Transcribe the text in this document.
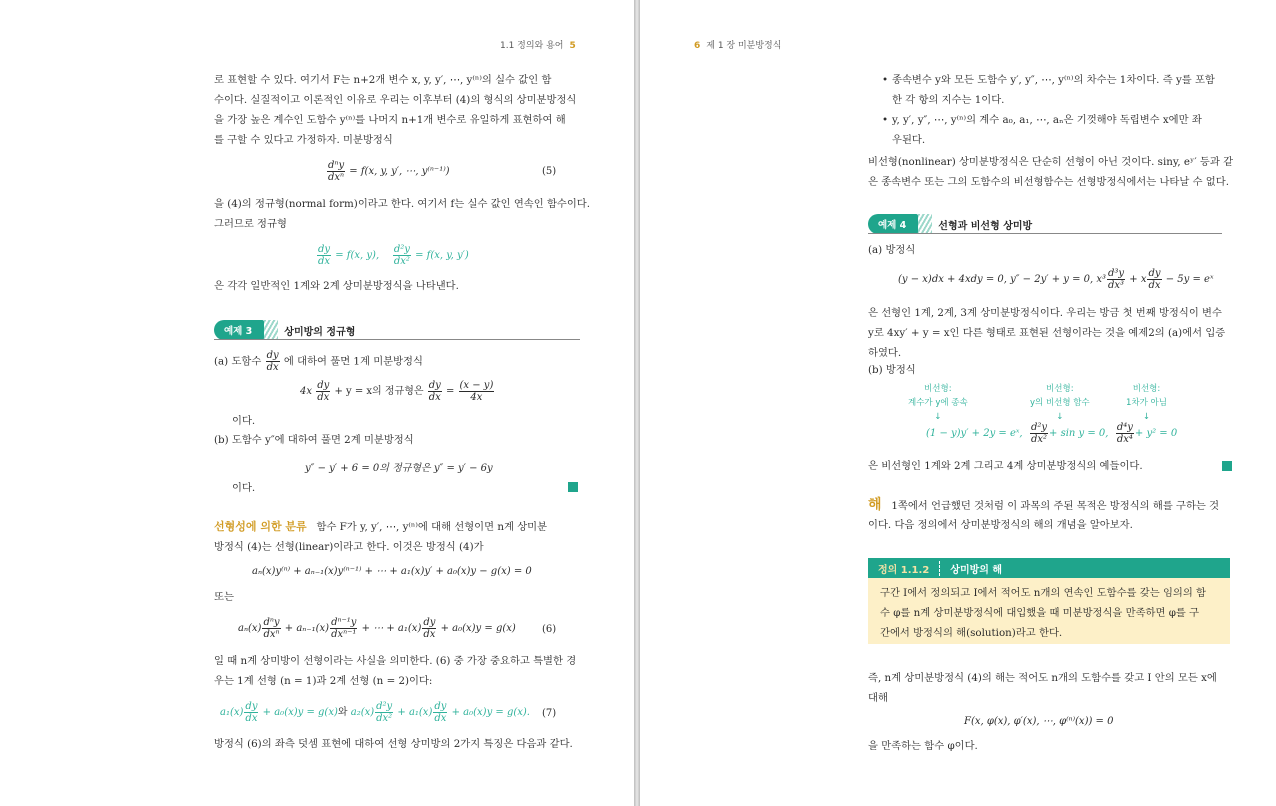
1.1 정의와 용어 5
로 표현할 수 있다. 여기서 F는 n+2개 변수 x, y, y′, ⋯, y⁽ⁿ⁾의 실수 값인 함
수이다. 실질적이고 이론적인 이유로 우리는 이후부터 (4)의 형식의 상미분방정식
을 가장 높은 계수인 도함수 y⁽ⁿ⁾를 나머지 n+1개 변수로 유일하게 표현하여 해
를 구할 수 있다고 가정하자. 미분방정식
$\frac{\text{dⁿy}}{\text{dxⁿ}} = f(x$, y, y′, ⋯, y⁽ⁿ⁻¹⁾)	(5)
을 (4)의 정규형(normal form)이라고 한다. 여기서 f는 실수 값인 연속인 함수이다.
그러므로 정규형
$\frac{dy}{dx} = f(x$, y), $\frac{\text{d²y}}{\text{dx²}} = f(x$, y, y′)
은 각각 일반적인 1계와 2계 상미분방정식을 나타낸다.
예제 3	상미방의 정규형
(a) 도함수 $\frac{dy}{dx}$ 에 대하여 풀면 1계 미분방정식
$4x \frac{dy}{dx} + y = x$의 정규형은 $\frac{dy}{dx} = \frac{(x - y)}{4x}$
이다.
(b) 도함수 y″에 대하여 풀면 2계 미분방정식
y″ − y′ + 6 = 0의 정규형은 y″ = y′ − 6y
이다.
선형성에 의한 분류 함수 F가 y, y′, ⋯, y⁽ⁿ⁾에 대해 선형이면 n계 상미분
방정식 (4)는 선형(linear)이라고 한다. 이것은 방정식 (4)가
aₙ(x)y⁽ⁿ⁾ + aₙ₋₁(x)y⁽ⁿ⁻¹⁾ + ⋯ + a₁(x)y′ + a₀(x)y − g(x) = 0
또는
$a_n(x) \frac{\text{dⁿy}}{\text{dxⁿ}} + a_{n-1}(x) \frac{\text{dⁿ⁻¹y}}{\text{dxⁿ⁻¹}}$ + ⋯ + $a_1(x) \frac{dy}{dx} + a_0(x)y = g(x)$	(6)
일 때 n계 상미방이 선형이라는 사실을 의미한다. (6) 중 가장 중요하고 특별한 경
우는 1계 선형 (n = 1)과 2계 선형 (n = 2)이다:
$a_1(x) \frac{dy}{dx} + a_0(x)y = g(x)$와 $a_2(x) \frac{\text{d²y}}{\text{dx²}} + a_1(x) \frac{dy}{dx} + a_0(x)y = g(x)$. (7)
방정식 (6)의 좌측 덧셈 표현에 대하여 선형 상미방의 2가지 특징은 다음과 같다.
6 제 1 장 미분방정식
• 종속변수 y와 모든 도함수 y′, y″, ⋯, y⁽ⁿ⁾의 차수는 1차이다. 즉 y를 포함
한 각 항의 지수는 1이다.
• y, y′, y″, ⋯, y⁽ⁿ⁾의 계수 a₀, a₁, ⋯, aₙ은 기껏해야 독립변수 x에만 좌
우된다.
비선형(nonlinear) 상미분방정식은 단순히 선형이 아닌 것이다. siny, eʸ′ 등과 같
은 종속변수 또는 그의 도함수의 비선형함수는 선형방정식에서는 나타날 수 없다.
예제 4	선형과 비선형 상미방
(a) 방정식
(y − x)dx + 4xdy = 0, y″ − 2y′ + y = 0, $x^3 \frac{\text{d³y}}{\text{dx³}} + x \frac{dy}{dx} - 5y$ = eˣ
은 선형인 1계, 2계, 3계 상미분방정식이다. 우리는 방금 첫 번째 방정식이 변수
y로 4xy′ + y = x인 다른 형태로 표현된 선형이라는 것을 예제2의 (a)에서 입증
하였다.
(b) 방정식
비선형:
계수가 y에 종속
↓
비선형:
y의 비선형 함수
↓
비선형:
1차가 아님
↓
(1 − y)y′ + 2y = eˣ, $\frac{\text{d²y}}{\text{dx²}} + \sin y = 0$, $\frac{\text{d⁴y}}{\text{dx⁴}} + y^2 = 0$
은 비선형인 1계와 2계 그리고 4계 상미분방정식의 예들이다.
해 1쪽에서 언급했던 것처럼 이 과목의 주된 목적은 방정식의 해를 구하는 것
이다. 다음 정의에서 상미분방정식의 해의 개념을 알아보자.
정의 1.1.2	상미방의 해
구간 I에서 정의되고 I에서 적어도 n개의 연속인 도함수를 갖는 임의의 함
수 φ를 n계 상미분방정식에 대입했을 때 미분방정식을 만족하면 φ를 구
간에서 방정식의 해(solution)라고 한다.
즉, n계 상미분방정식 (4)의 해는 적어도 n개의 도함수를 갖고 I 안의 모든 x에
대해
F(x, φ(x), φ′(x), ⋯, φ⁽ⁿ⁾(x)) = 0
을 만족하는 함수 φ이다.
